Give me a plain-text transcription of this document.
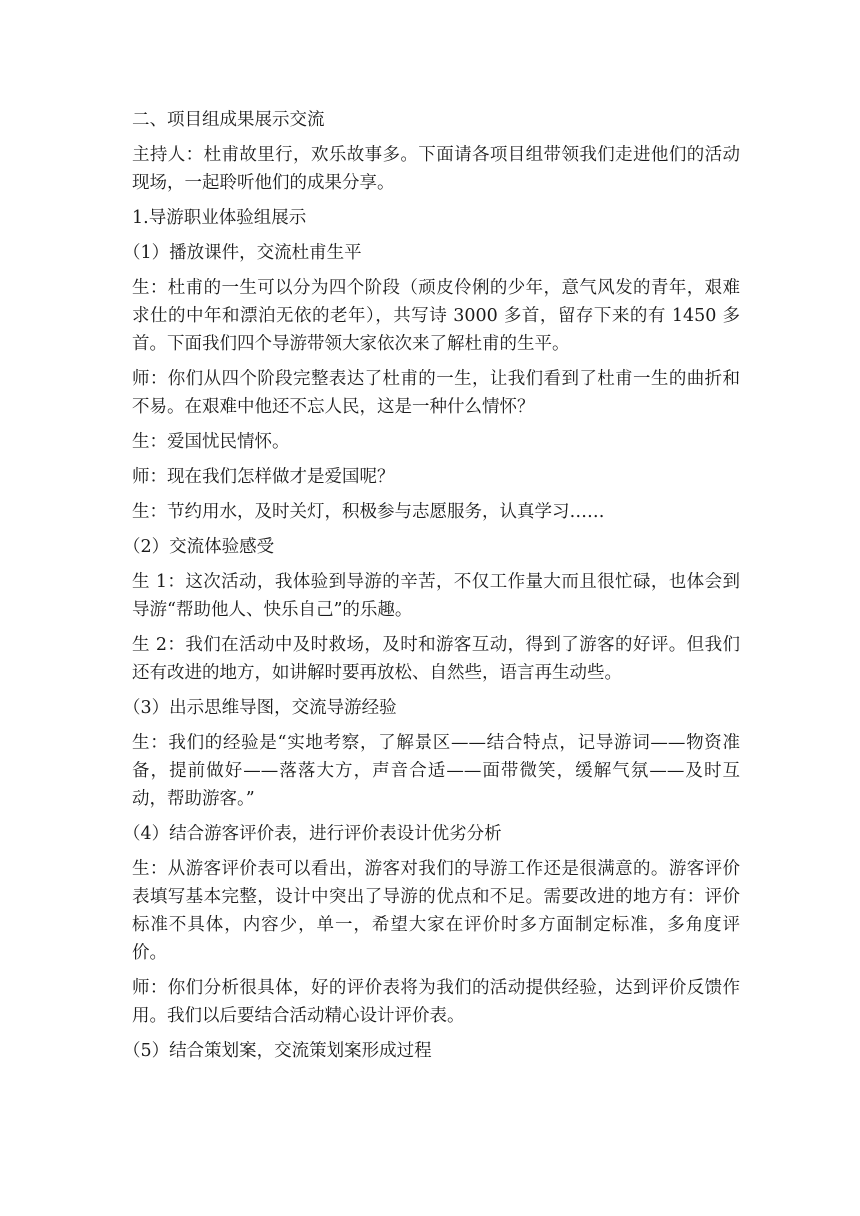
二、项目组成果展示交流

主持人：杜甫故里行，欢乐故事多。下面请各项目组带领我们走进他们的活动现场，一起聆听他们的成果分享。

1.导游职业体验组展示

（1）播放课件，交流杜甫生平

生：杜甫的一生可以分为四个阶段（顽皮伶俐的少年，意气风发的青年，艰难求仕的中年和漂泊无依的老年），共写诗 3000 多首，留存下来的有 1450 多首。下面我们四个导游带领大家依次来了解杜甫的生平。

师：你们从四个阶段完整表达了杜甫的一生，让我们看到了杜甫一生的曲折和不易。在艰难中他还不忘人民，这是一种什么情怀？

生：爱国忧民情怀。

师：现在我们怎样做才是爱国呢？

生：节约用水，及时关灯，积极参与志愿服务，认真学习……

（2）交流体验感受

生 1：这次活动，我体验到导游的辛苦，不仅工作量大而且很忙碌，也体会到导游“帮助他人、快乐自己”的乐趣。

生 2：我们在活动中及时救场，及时和游客互动，得到了游客的好评。但我们还有改进的地方，如讲解时要再放松、自然些，语言再生动些。

（3）出示思维导图，交流导游经验

生：我们的经验是“实地考察，了解景区——结合特点，记导游词——物资准备，提前做好——落落大方，声音合适——面带微笑，缓解气氛——及时互动，帮助游客。”

（4）结合游客评价表，进行评价表设计优劣分析

生：从游客评价表可以看出，游客对我们的导游工作还是很满意的。游客评价表填写基本完整，设计中突出了导游的优点和不足。需要改进的地方有：评价标准不具体，内容少，单一，希望大家在评价时多方面制定标准，多角度评价。

师：你们分析很具体，好的评价表将为我们的活动提供经验，达到评价反馈作用。我们以后要结合活动精心设计评价表。

（5）结合策划案，交流策划案形成过程
